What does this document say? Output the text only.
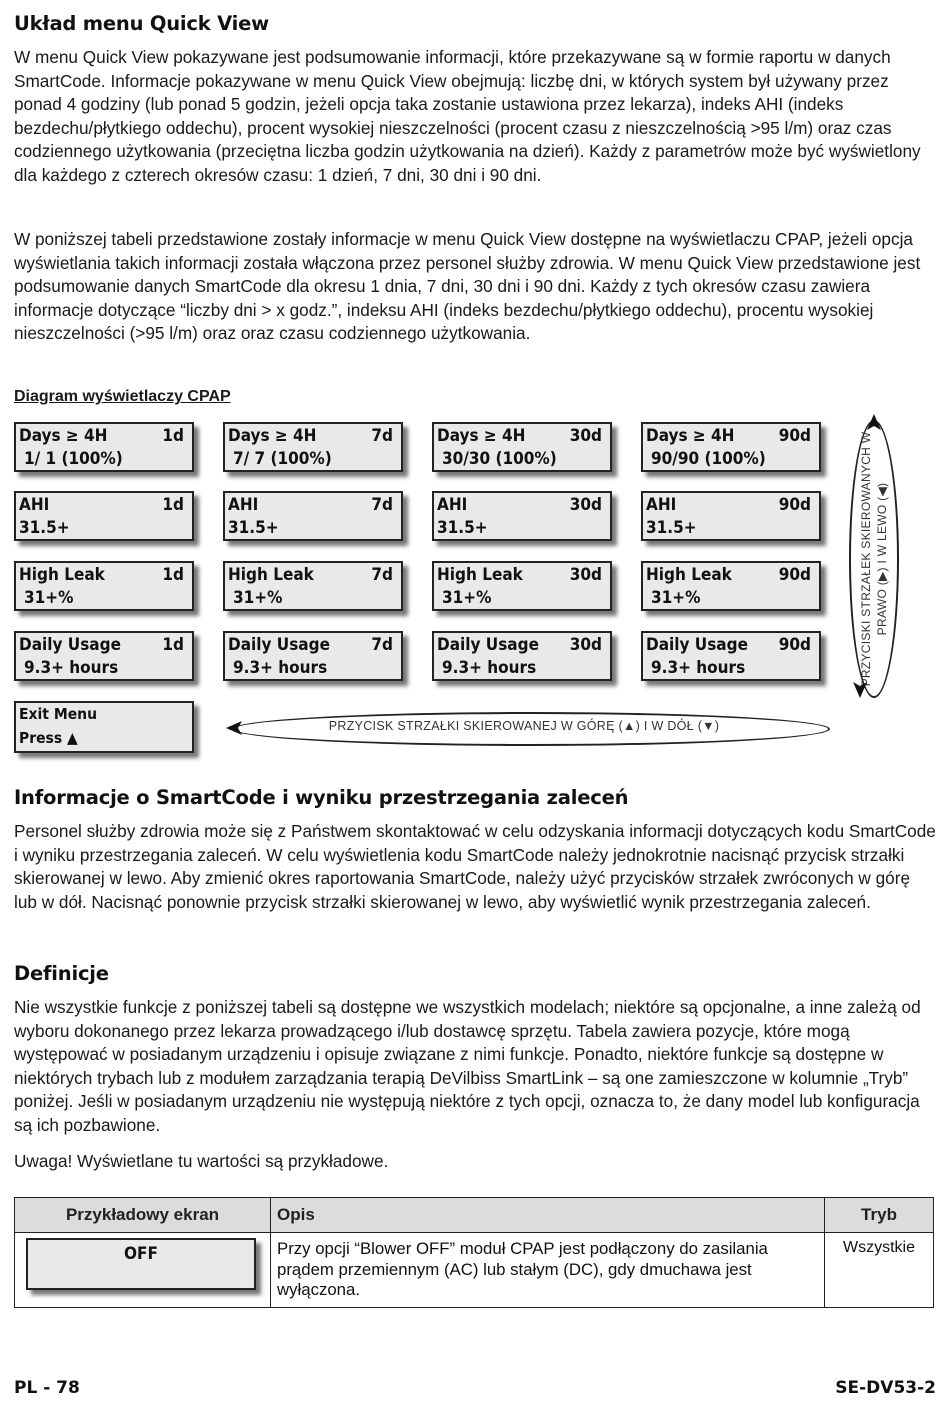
Układ menu Quick View

W menu Quick View pokazywane jest podsumowanie informacji, które przekazywane są w formie raportu w danych SmartCode. Informacje pokazywane w menu Quick View obejmują: liczbę dni, w których system był używany przez ponad 4 godziny (lub ponad 5 godzin, jeżeli opcja taka zostanie ustawiona przez lekarza), indeks AHI (indeks bezdechu/płytkiego oddechu), procent wysokiej nieszczelności (procent czasu z nieszczelnością >95 l/m) oraz czas codziennego użytkowania (przeciętna liczba godzin użytkowania na dzień). Każdy z parametrów może być wyświetlony dla każdego z czterech okresów czasu: 1 dzień, 7 dni, 30 dni i 90 dni.

W poniższej tabeli przedstawione zostały informacje w menu Quick View dostępne na wyświetlaczu CPAP, jeżeli opcja wyświetlania takich informacji została włączona przez personel służby zdrowia. W menu Quick View przedstawione jest podsumowanie danych SmartCode dla okresu 1 dnia, 7 dni, 30 dni i 90 dni. Każdy z tych okresów czasu zawiera informacje dotyczące “liczby dni > x godz.”, indeksu AHI (indeks bezdechu/płytkiego oddechu), procentu wysokiej nieszczelności (>95 l/m) oraz oraz czasu codziennego użytkowania.

Diagram wyświetlaczy CPAP
Days ≥ 4H	1d
1/ 1 (100%)
AHI	1d
31.5+
High Leak	1d
31+%
Daily Usage 1d
9.3+ hours
Days ≥ 4H	7d
7/ 7 (100%)
AHI	7d
31.5+
High Leak	7d
31+%
Daily Usage 7d
9.3+ hours
Days ≥ 4H	30d
30/30 (100%)
AHI	30d
31.5+
High Leak	30d
31+%
Daily Usage 30d
9.3+ hours
Days ≥ 4H	90d
90/90 (100%)
AHI	90d
31.5+
High Leak	90d
31+%
Daily Usage 90d
9.3+ hours
Exit Menu
Press ▲
PRZYCISK STRZAŁKI SKIEROWANEJ W GÓRĘ (▲) I W DÓŁ (▼)
PRZYCISKI STRZAŁEK SKIEROWANYCH W PRAWO (▶) I W LEWO (◀)
Informacje o SmartCode i wyniku przestrzegania zaleceń

Personel służby zdrowia może się z Państwem skontaktować w celu odzyskania informacji dotyczących kodu SmartCode i wyniku przestrzegania zaleceń. W celu wyświetlenia kodu SmartCode należy jednokrotnie nacisnąć przycisk strzałki skierowanej w lewo. Aby zmienić okres raportowania SmartCode, należy użyć przycisków strzałek zwróconych w górę lub w dół. Nacisnąć ponownie przycisk strzałki skierowanej w lewo, aby wyświetlić wynik przestrzegania zaleceń.

Definicje

Nie wszystkie funkcje z poniższej tabeli są dostępne we wszystkich modelach; niektóre są opcjonalne, a inne zależą od wyboru dokonanego przez lekarza prowadzącego i/lub dostawcę sprzętu. Tabela zawiera pozycje, które mogą występować w posiadanym urządzeniu i opisuje związane z nimi funkcje. Ponadto, niektóre funkcje są dostępne w niektórych trybach lub z modułem zarządzania terapią DeVilbiss SmartLink – są one zamieszczone w kolumnie „Tryb” poniżej. Jeśli w posiadanym urządzeniu nie występują niektóre z tych opcji, oznacza to, że dany model lub konfiguracja są ich pozbawione.

Uwaga! Wyświetlane tu wartości są przykładowe.

Przykładowy ekran	Opis	Tryb

OFF	Przy opcji “Blower OFF” moduł CPAP jest podłączony do zasilania prądem przemiennym (AC) lub stałym (DC), gdy dmuchawa jest wyłączona.	Wszystkie
PL - 78	SE-DV53-2
